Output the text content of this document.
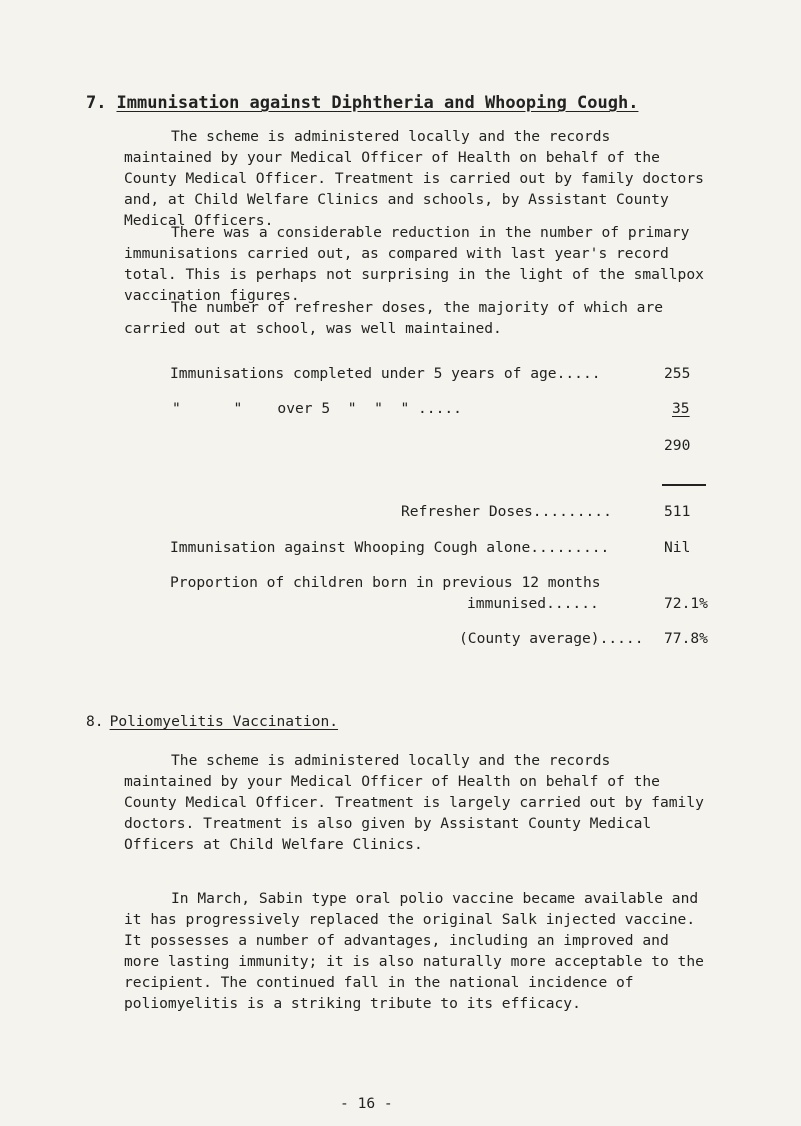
7. Immunisation against Diphtheria and Whooping Cough.

The scheme is administered locally and the records maintained by your Medical Officer of Health on behalf of the County Medical Officer. Treatment is carried out by family doctors and, at Child Welfare Clinics and schools, by Assistant County Medical Officers.

There was a considerable reduction in the number of primary immunisations carried out, as compared with last year's record total. This is perhaps not surprising in the light of the smallpox vaccination figures.

The number of refresher doses, the majority of which are carried out at school, was well maintained.

Immunisations completed under 5 years of age.....	255
"      "    over 5  "  "  " .....	35
290
Refresher Doses.........	511
Immunisation against Whooping Cough alone.........	Nil
Proportion of children born in previous 12 months
immunised......	72.1%
(County average)..... 77.8%
8. Poliomyelitis Vaccination.

The scheme is administered locally and the records maintained by your Medical Officer of Health on behalf of the County Medical Officer. Treatment is largely carried out by family doctors. Treatment is also given by Assistant County Medical Officers at Child Welfare Clinics.

In March, Sabin type oral polio vaccine became available and it has progressively replaced the original Salk injected vaccine. It possesses a number of advantages, including an improved and more lasting immunity; it is also naturally more acceptable to the recipient. The continued fall in the national incidence of poliomyelitis is a striking tribute to its efficacy.

- 16 -
